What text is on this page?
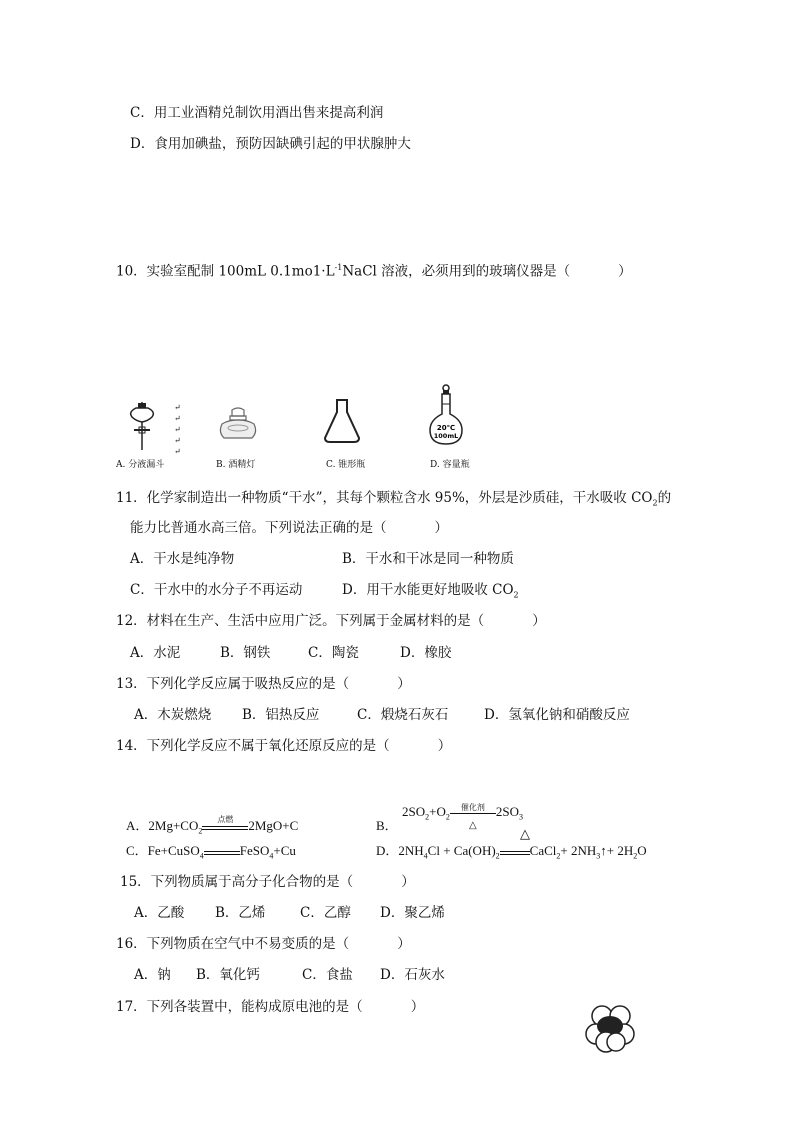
C．用工业酒精兑制饮用酒出售来提高利润
D．食用加碘盐，预防因缺碘引起的甲状腺肿大
10．实验室配制 100mL $0.1mo1\cdot L^{-1}NaCl$ 溶液，必须用到的玻璃仪器是（	）
↵
↵
↵
↵
↵
20℃
100mL
A. 分液漏斗	B. 酒精灯	C. 锥形瓶	D. 容量瓶
11．化学家制造出一种物质“干水”，其每个颗粒含水 95%，外层是沙质硅，干水吸收 $CO_2$的
能力比普通水高三倍。下列说法正确的是（	）
A．干水是纯净物	B．干水和干冰是同一种物质
C．干水中的水分子不再运动	D．用干水能更好地吸收 $CO_2$
12．材料在生产、生活中应用广泛。下列属于金属材料的是（	）
A．水泥	B．钢铁	C．陶瓷	D．橡胶
13．下列化学反应属于吸热反应的是（	）
A．木炭燃烧 B．铝热反应	C．煅烧石灰石	D．氢氧化钠和硝酸反应
14．下列化学反应不属于氧化还原反应的是（	）
A．$2Mg+CO_2$
点燃	2MgO+C	B．
$2SO_2+O_2$
催化剂
△
$2SO_3$
C．Fe+CuSO$_4$	FeSO$_4$+Cu
△
D．$2NH_4Cl + Ca(OH)_2$ CaCl$_2$+ $2NH_3↑+ 2H_2O$
15．下列物质属于高分子化合物的是（	）
A．乙酸 B．乙烯	C．乙醇 D．聚乙烯
16．下列物质在空气中不易变质的是（	）
A．钠 B．氧化钙	C．食盐 D．石灰水
17．下列各装置中，能构成原电池的是（	）
